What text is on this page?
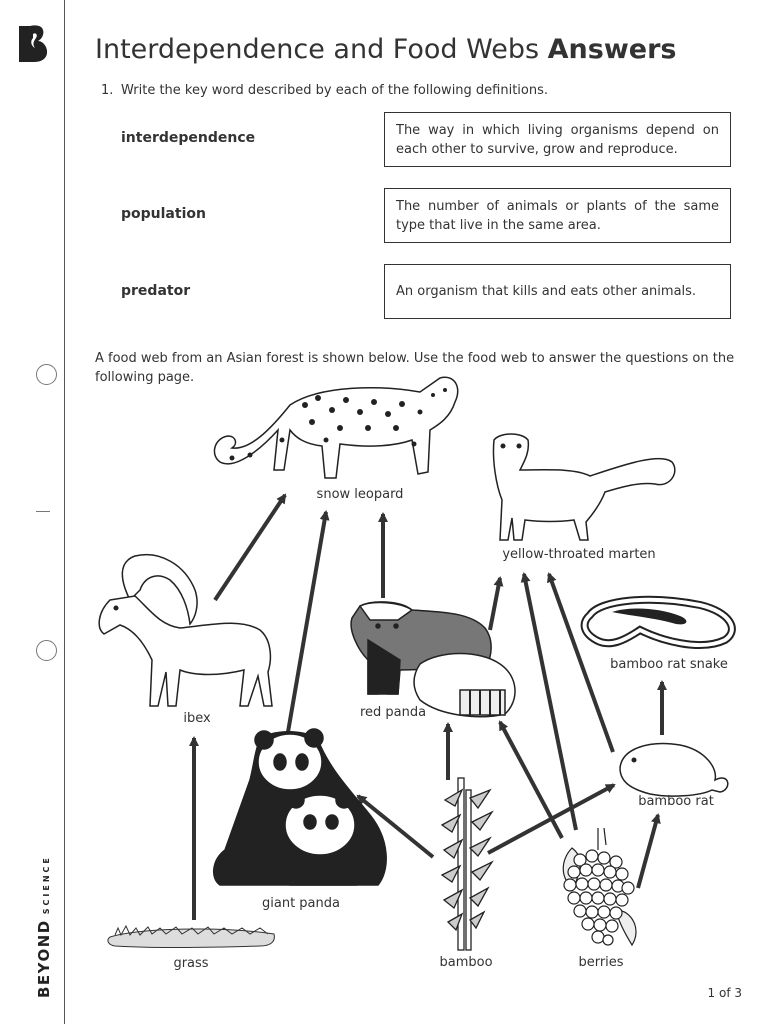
BEYONDSCIENCE
Interdependence and Food Webs Answers
1. Write the key word described by each of the following definitions.
interdependence	The way in which living organisms depend on each other to survive, grow and reproduce.
population	The number of animals or plants of the same type that live in the same area.
predator	An organism that kills and eats other animals.
A food web from an Asian forest is shown below. Use the food web to answer the questions on the following page.
snow leopard
yellow-throated marten
bamboo rat snake
red panda
ibex
bamboo rat
giant panda
grass	bamboo	berries
1 of 3
